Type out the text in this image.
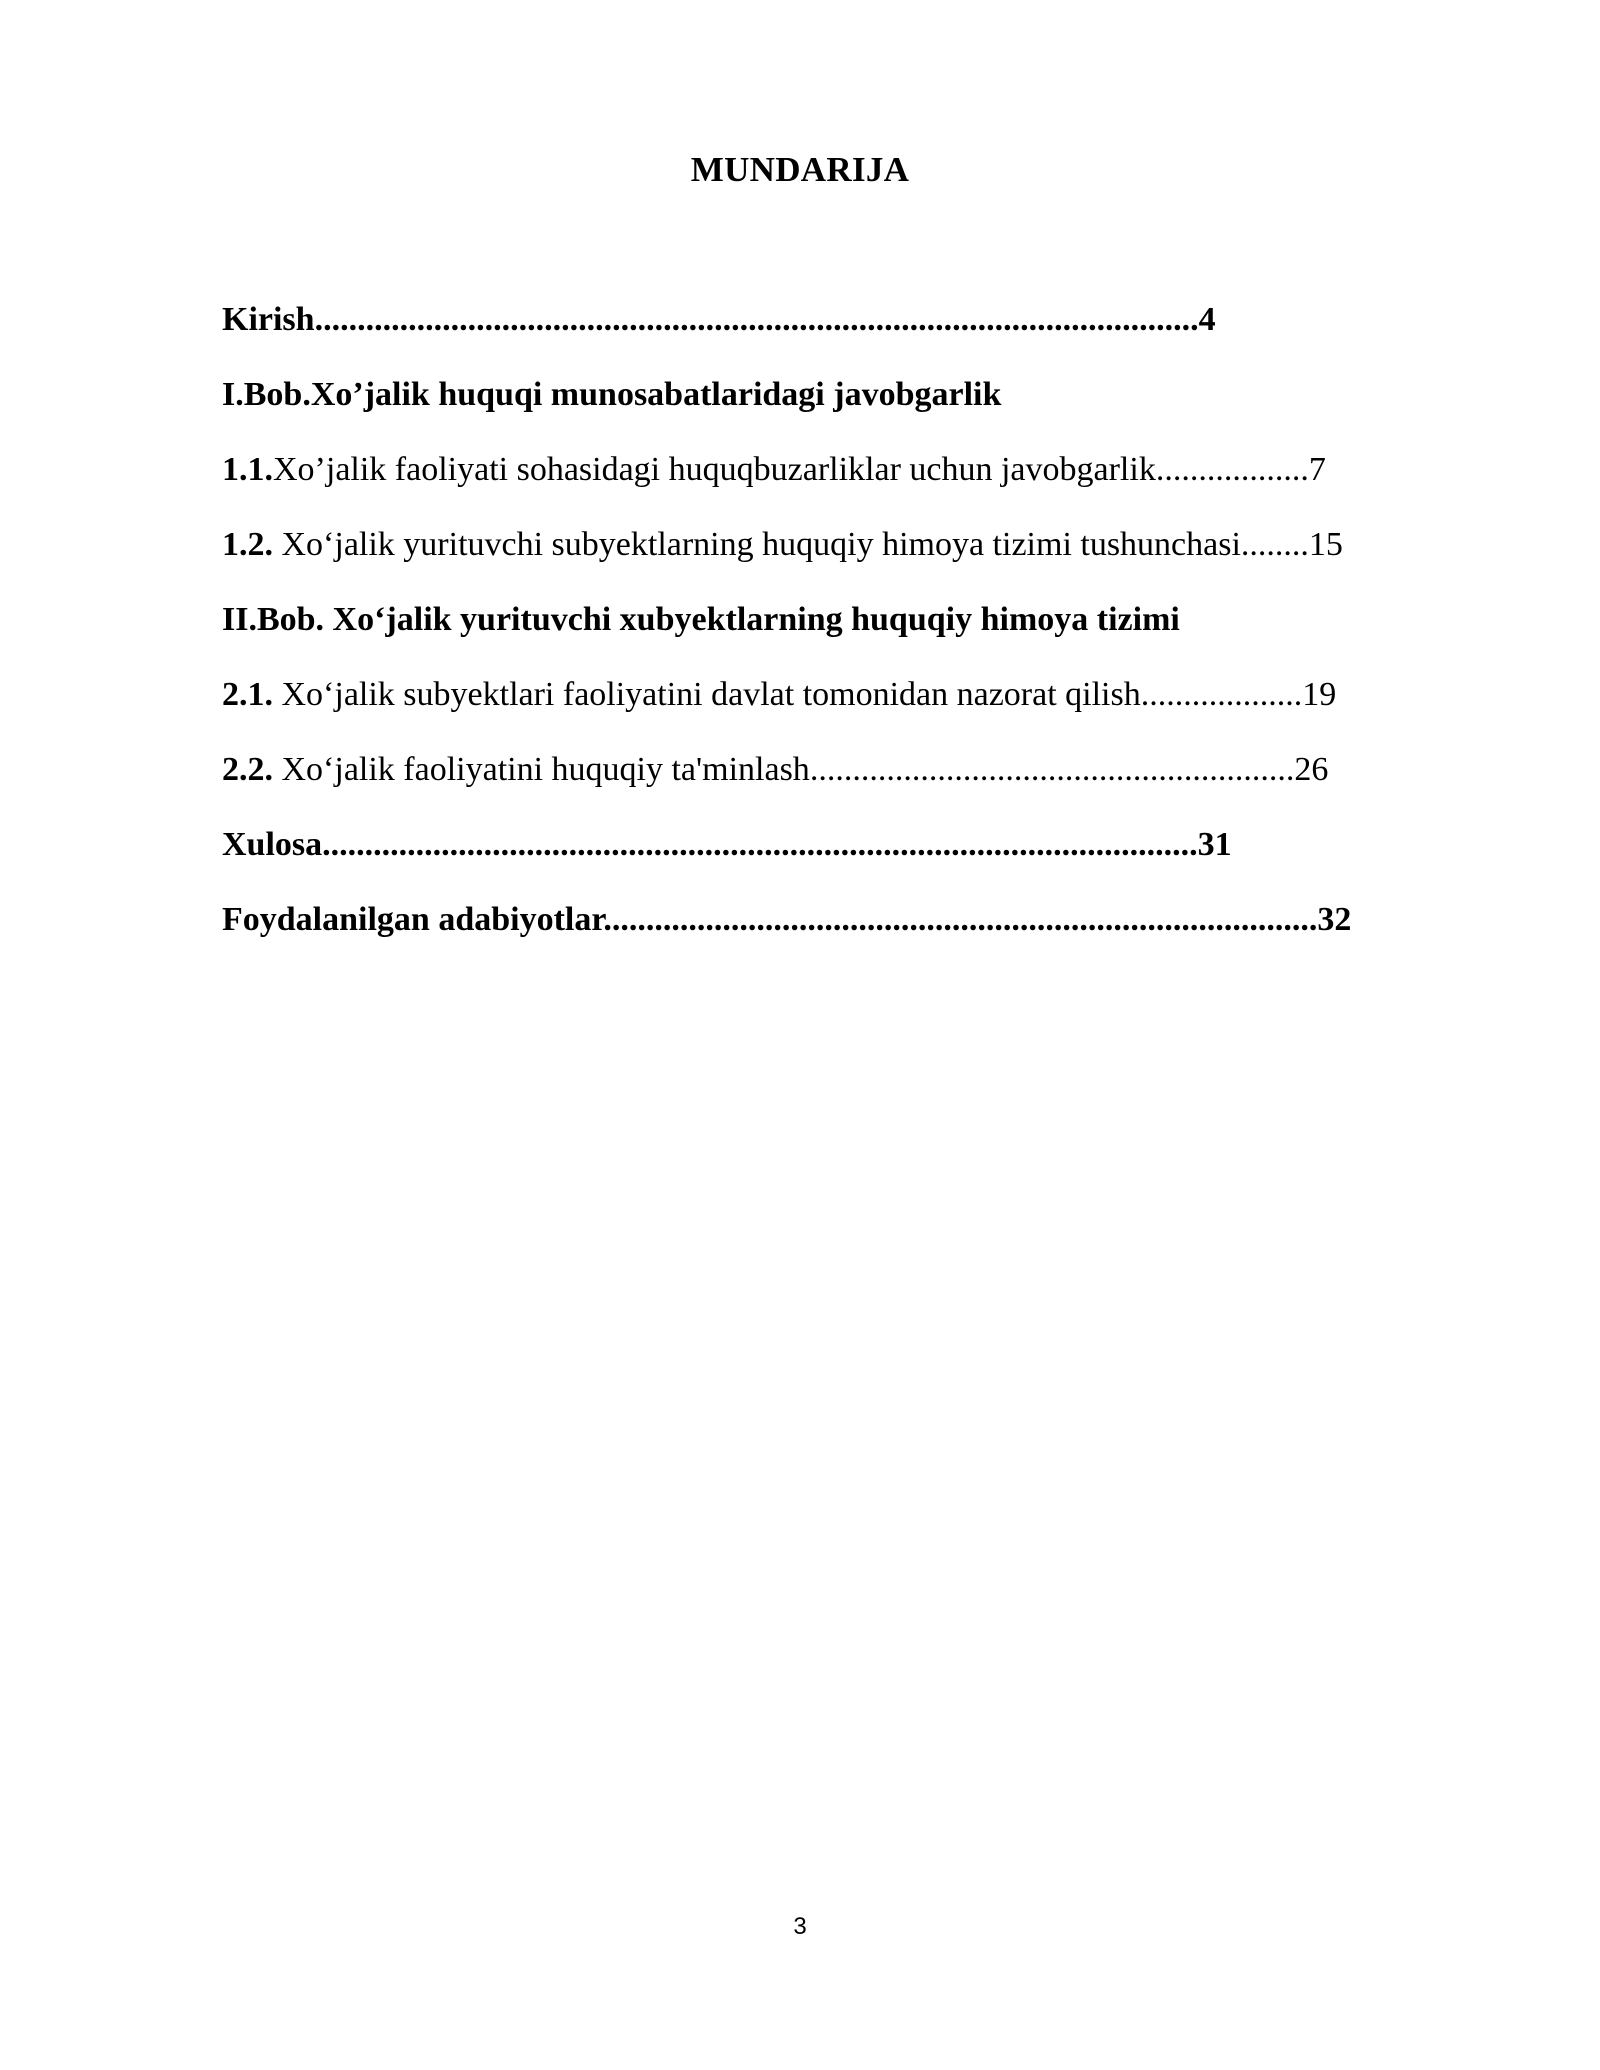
MUNDARIJA
Kirish........................................................................................................4
I.Bob.Xo’jalik huquqi munosabatlaridagi javobgarlik
1.1.Xo’jalik faoliyati sohasidagi huquqbuzarliklar uchun javobgarlik..................7
1.2. Xo‘jalik yurituvchi subyektlarning huquqiy himoya tizimi tushunchasi........15
II.Bob. Xo‘jalik yurituvchi xubyektlarning huquqiy himoya tizimi
2.1. Xo‘jalik subyektlari faoliyatini davlat tomonidan nazorat qilish...................19
2.2. Xo‘jalik faoliyatini huquqiy ta'minlash.........................................................26
Xulosa.......................................................................................................31
Foydalanilgan adabiyotlar....................................................................................32
3
